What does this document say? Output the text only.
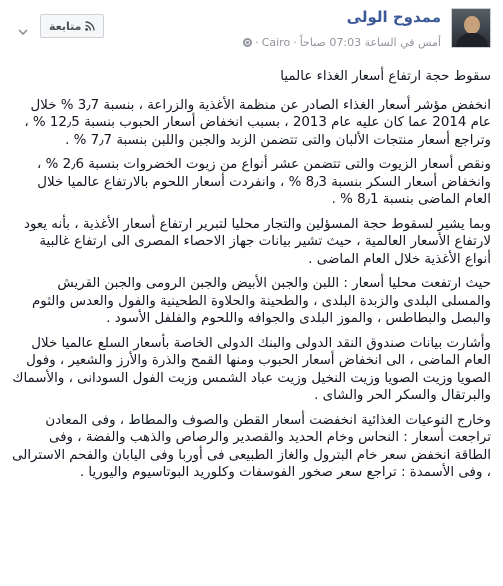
ممدوح الولى
أمس في الساعة 07:03 صباحاً
·
Cairo
·
متابعة

سقوط حجة ارتفاع أسعار الغذاء عالميا

انخفض مؤشر أسعار الغذاء الصادر عن منظمة الأغذية والزراعة ، بنسبة 3٫7 % خلال عام 2014 عما كان عليه عام 2013 ، بسبب انخفاض أسعار الحبوب بنسبة 12٫5 % ، وتراجع أسعار منتجات الألبان والتى تتضمن الزبد والجبن واللبن بنسبة 7٫7 % .

ونقص أسعار الزيوت والتى تتضمن عشر أنواع من زيوت الخضروات بنسبة 2٫6 % ، وانخفاض أسعار السكر بنسبة 8٫3 % ، وانفردت أسعار اللحوم بالارتفاع عالميا خلال العام الماضى بنسبة 8٫1 % .

وبما يشير لسقوط حجة المسؤلين والتجار محليا لتبرير ارتفاع أسعار الأغذية ، بأنه يعود لارتفاع الأسعار العالمية ، حيث تشير بيانات جهاز الاحصاء المصرى الى ارتفاع غالبية أنواع الأغذية خلال العام الماضى .

حيث ارتفعت محليا أسعار : اللبن والجبن الأبيض والجبن الرومى والجبن القريش والمسلى البلدى والزبدة البلدى ، والطحينة والحلاوة الطحينية والفول والعدس والثوم والبصل والبطاطس ، والموز البلدى والجوافه واللحوم والفلفل الأسود .

وأشارت بيانات صندوق النقد الدولى والبنك الدولى الخاصة بأسعار السلع عالميا خلال العام الماضى ، الى انخفاض أسعار الحبوب ومنها القمح والذرة والأرز والشعير ، وفول الصويا وزيت الصويا وزيت النخيل وزيت عباد الشمس وزيت الفول السودانى ، والأسماك والبرتقال والسكر الحر والشاى .

وخارج النوعيات الغذائية انخفضت أسعار القطن والصوف والمطاط ، وفى المعادن تراجعت أسعار : النحاس وخام الحديد والقصدير والرصاص والذهب والفضة ، وفى الطاقة انخفض سعر خام البترول والغاز الطبيعى فى أوربا وفى اليابان والفحم الاسترالى ، وفى الأسمدة : تراجع سعر صخور الفوسفات وكلوريد البوتاسيوم واليوريا .
